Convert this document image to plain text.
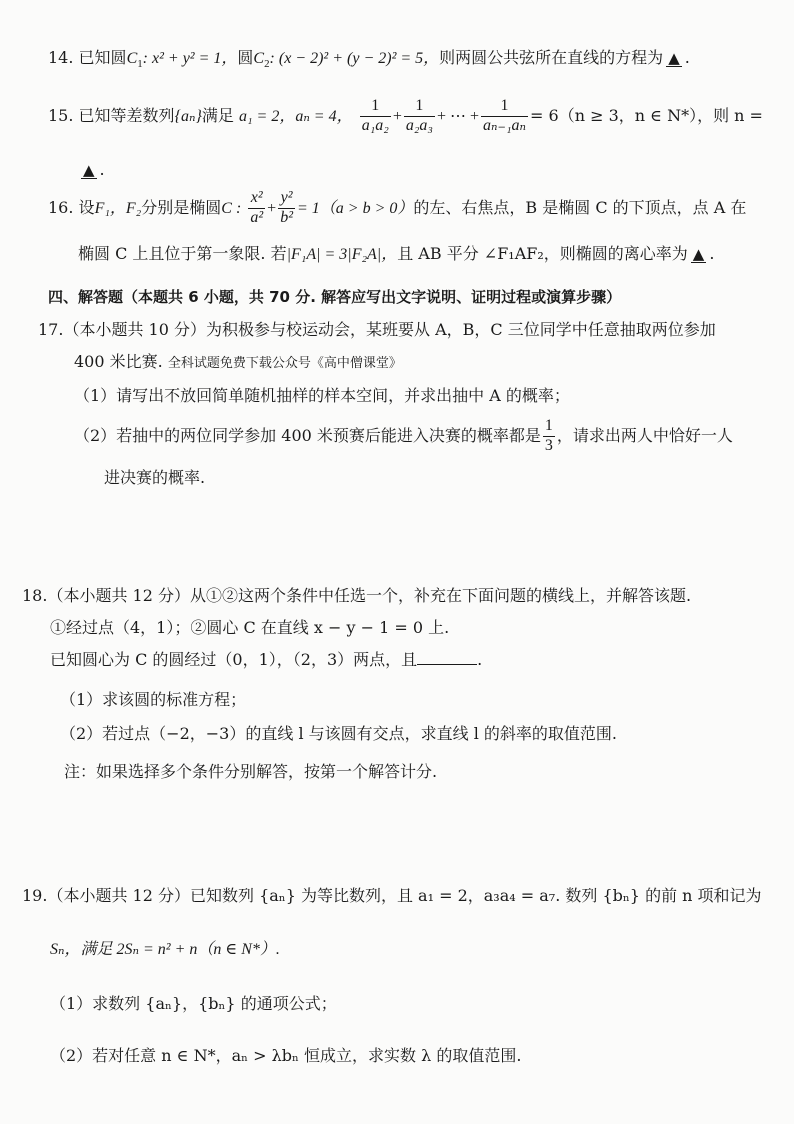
14. 已知圆$C_1$: x² + y² = 1，圆$C_2$: (x − 2)² + (y − 2)² = 5，则两圆公共弦所在直线的方程为 ▲ .
15. 已知等差数列{aₙ}满足 a₁ = 2，aₙ = 4， $\frac{1}{\text{a₁a₂}} + \frac{1}{\text{a₂a₃}}$ + ⋯ + $\frac{1}{\text{aₙ₋₁aₙ}} = 6(n \ge 3$，n ∈ N*），则 n =
▲ .
16. 设F₁，F₂分别是椭圆C : $\frac{\text{x²}}{\text{a²}} + \frac{\text{y²}}{\text{b²}} = 1(a > b > 0)$的左、右焦点，B 是椭圆 C 的下顶点，点 A 在
椭圆 C 上且位于第一象限. 若|F₁A| = 3|F₂A|，且 AB 平分 ∠F₁AF₂，则椭圆的离心率为 ▲ .
四、解答题（本题共 6 小题，共 70 分. 解答应写出文字说明、证明过程或演算步骤）
17.（本小题共 10 分）为积极参与校运动会，某班要从 A，B，C 三位同学中任意抽取两位参加
400 米比赛. 全科试题免费下载公众号《高中僧课堂》
（1）请写出不放回简单随机抽样的样本空间，并求出抽中 A 的概率；
（2）若抽中的两位同学参加 400 米预赛后能进入决赛的概率都是 $\frac{1}{3}$ ，请求出两人中恰好一人
进决赛的概率.
18.（本小题共 12 分）从①②这两个条件中任选一个，补充在下面问题的横线上，并解答该题.
①经过点（4，1）；②圆心 C 在直线 x − y − 1 = 0 上.
已知圆心为 C 的圆经过（0，1），（2，3）两点，且	.
（1）求该圆的标准方程；
（2）若过点（−2，−3）的直线 l 与该圆有交点，求直线 l 的斜率的取值范围.
注：如果选择多个条件分别解答，按第一个解答计分.
19.（本小题共 12 分）已知数列 {aₙ} 为等比数列，且 a₁ = 2，a₃a₄ = a₇. 数列 {bₙ} 的前 n 项和记为
Sₙ，满足 2Sₙ = n² + n（n ∈ N*）.
（1）求数列 {aₙ}，{bₙ} 的通项公式；
（2）若对任意 n ∈ N*，aₙ > λbₙ 恒成立，求实数 λ 的取值范围.
